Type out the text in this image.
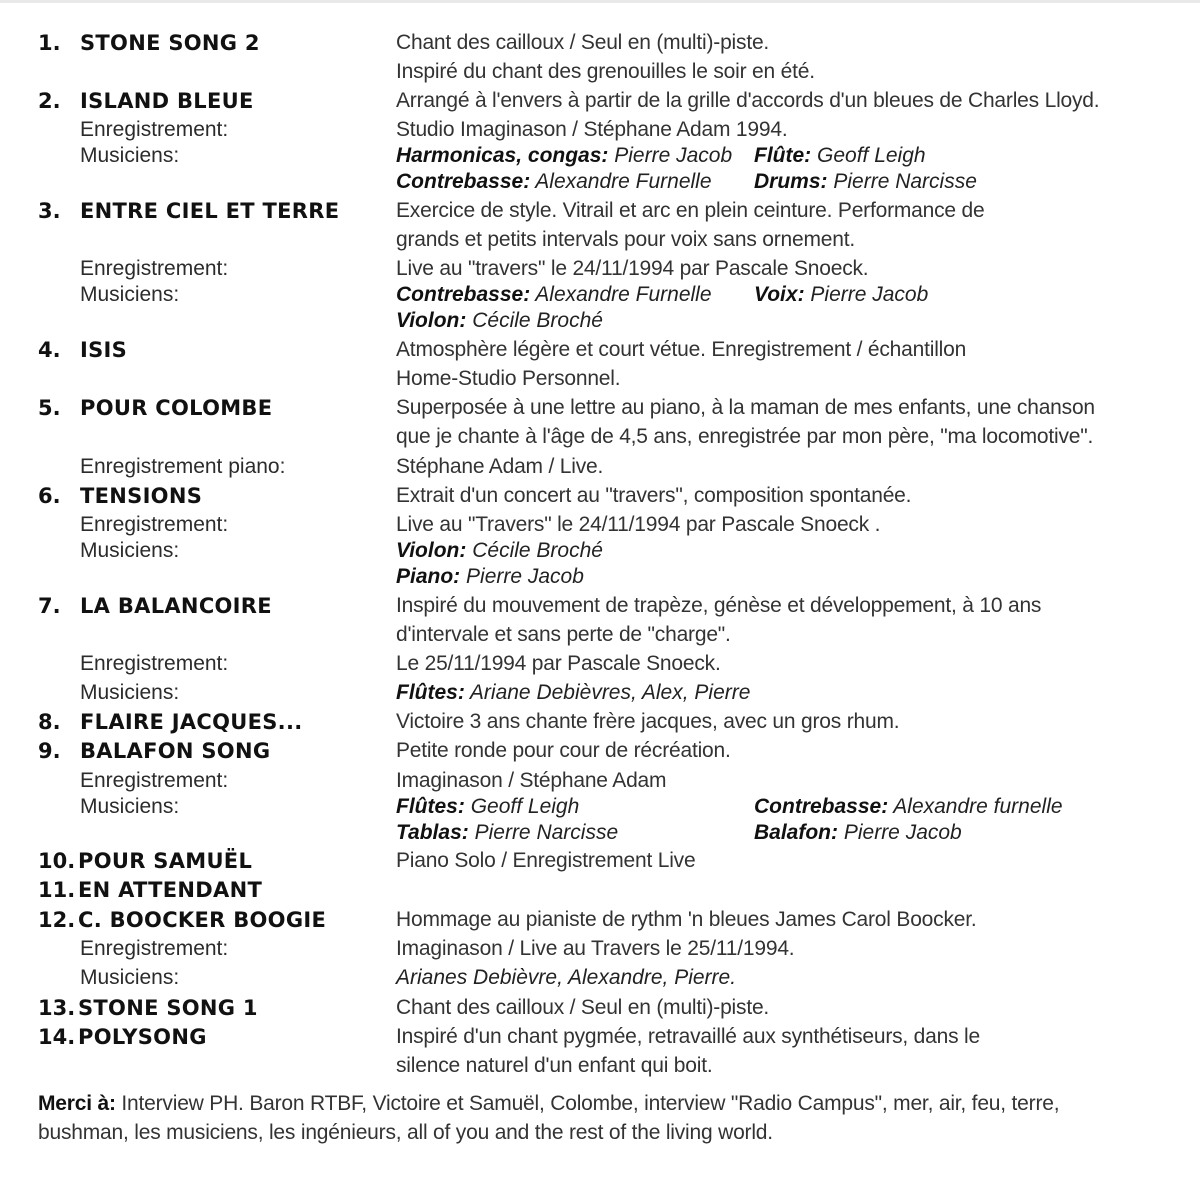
1. STONE SONG 2	Chant des cailloux / Seul en (multi)-piste.
Inspiré du chant des grenouilles le soir en été.
2. ISLAND BLEUE	Arrangé à l'envers à partir de la grille d'accords d'un bleues de Charles Lloyd.
Enregistrement:	Studio Imaginason / Stéphane Adam 1994.
Musiciens:	Harmonicas, congas: Pierre Jacob Flûte: Geoff Leigh
Contrebasse: Alexandre Furnelle Drums: Pierre Narcisse
3. ENTRE CIEL ET TERRE	Exercice de style. Vitrail et arc en plein ceinture. Performance de
grands et petits intervals pour voix sans ornement.
Enregistrement:	Live au "travers" le 24/11/1994 par Pascale Snoeck.
Musiciens:	Contrebasse: Alexandre Furnelle Voix: Pierre Jacob
Violon: Cécile Broché
4. ISIS	Atmosphère légère et court vétue. Enregistrement / échantillon
Home-Studio Personnel.
5. POUR COLOMBE	Superposée à une lettre au piano, à la maman de mes enfants, une chanson
que je chante à l'âge de 4,5 ans, enregistrée par mon père, "ma locomotive".
Enregistrement piano:	Stéphane Adam / Live.
6. TENSIONS	Extrait d'un concert au "travers", composition spontanée.
Enregistrement:	Live au "Travers" le 24/11/1994 par Pascale Snoeck .
Musiciens:	Violon: Cécile Broché
Piano: Pierre Jacob
7. LA BALANCOIRE	Inspiré du mouvement de trapèze, génèse et développement, à 10 ans
d'intervale et sans perte de "charge".
Enregistrement:	Le 25/11/1994 par Pascale Snoeck.
Musiciens:	Flûtes: Ariane Debièvres, Alex, Pierre
8. FLAIRE JACQUES...	Victoire 3 ans chante frère jacques, avec un gros rhum.
9. BALAFON SONG	Petite ronde pour cour de récréation.
Enregistrement:	Imaginason / Stéphane Adam
Musiciens:	Flûtes: Geoff Leigh	Contrebasse: Alexandre furnelle
Tablas: Pierre Narcisse	Balafon: Pierre Jacob
10. POUR SAMUËL	Piano Solo / Enregistrement Live
11. EN ATTENDANT
12. C. BOOCKER BOOGIE	Hommage au pianiste de rythm 'n bleues James Carol Boocker.
Enregistrement:	Imaginason / Live au Travers le 25/11/1994.
Musiciens:	Arianes Debièvre, Alexandre, Pierre.
13. STONE SONG 1	Chant des cailloux / Seul en (multi)-piste.
14. POLYSONG	Inspiré d'un chant pygmée, retravaillé aux synthétiseurs, dans le
silence naturel d'un enfant qui boit.
Merci à: Interview PH. Baron RTBF, Victoire et Samuël, Colombe, interview "Radio Campus", mer, air, feu, terre,
bushman, les musiciens, les ingénieurs, all of you and the rest of the living world.
